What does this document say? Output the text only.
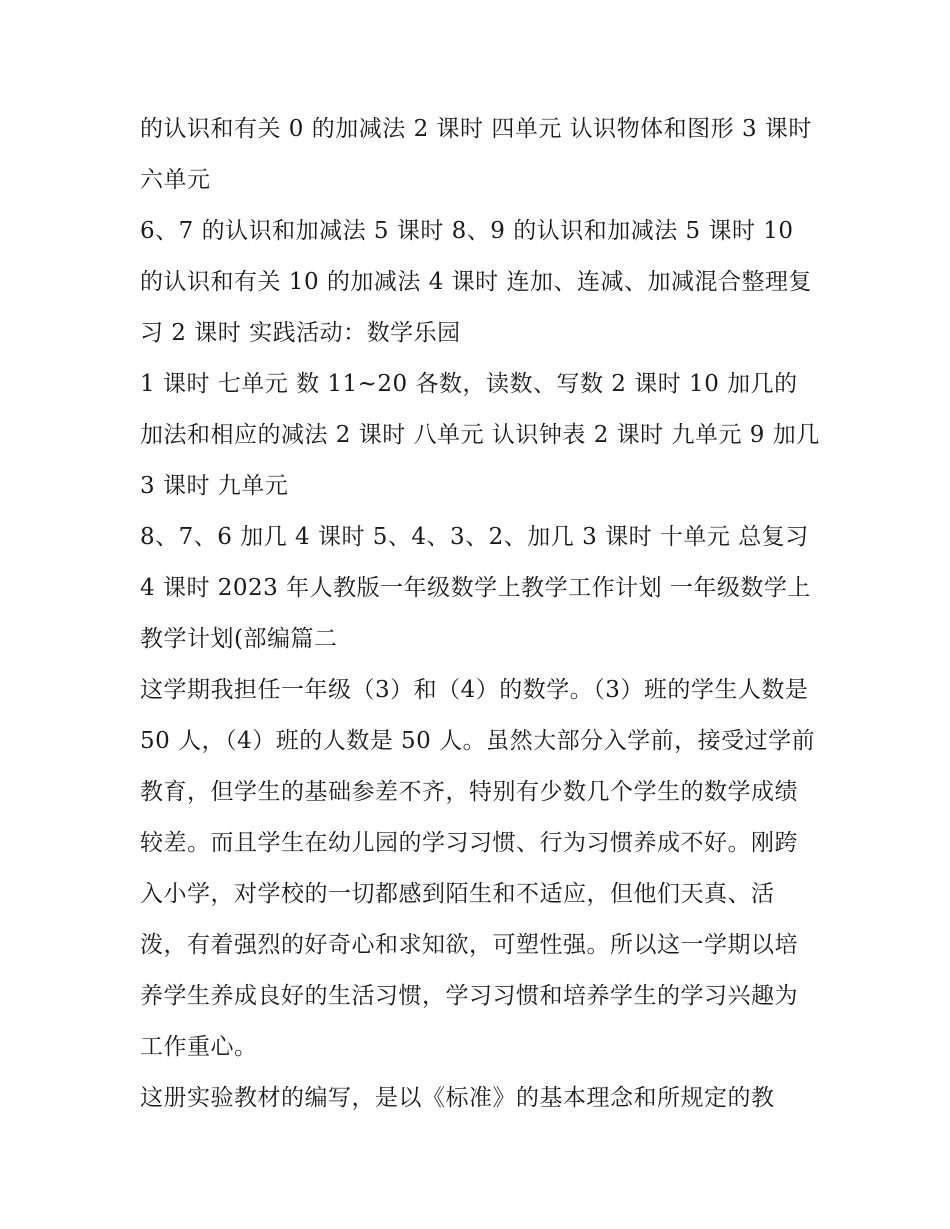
的认识和有关 0 的加减法 2 课时 四单元 认识物体和图形 3 课时 六单元

6、7 的认识和加减法 5 课时 8、9 的认识和加减法 5 课时 10 的认识和有关 10 的加减法 4 课时 连加、连减、加减混合整理复习 2 课时 实践活动：数学乐园

1 课时 七单元 数 11~20 各数，读数、写数 2 课时 10 加几的加法和相应的减法 2 课时 八单元 认识钟表 2 课时 九单元 9 加几 3 课时 九单元

8、7、6 加几 4 课时 5、4、3、2、加几 3 课时 十单元 总复习 4 课时 2023 年人教版一年级数学上教学工作计划 一年级数学上教学计划(部编篇二

这学期我担任一年级（3）和（4）的数学。（3）班的学生人数是 50 人，（4）班的人数是 50 人。虽然大部分入学前，接受过学前教育，但学生的基础参差不齐，特别有少数几个学生的数学成绩较差。而且学生在幼儿园的学习习惯、行为习惯养成不好。刚跨入小学，对学校的一切都感到陌生和不适应，但他们天真、活泼，有着强烈的好奇心和求知欲，可塑性强。所以这一学期以培养学生养成良好的生活习惯，学习习惯和培养学生的学习兴趣为工作重心。

这册实验教材的编写，是以《标准》的基本理念和所规定的教
